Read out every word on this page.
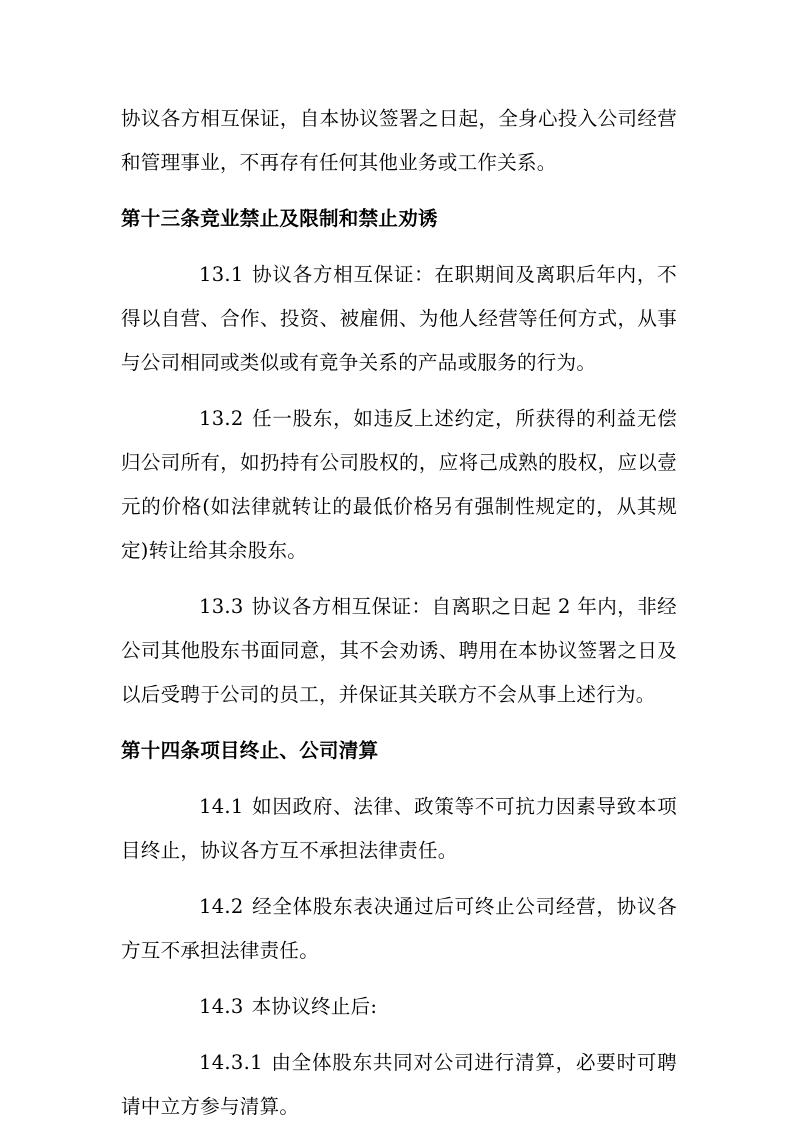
协议各方相互保证，自本协议签署之日起，全身心投入公司经营和管理事业，不再存有任何其他业务或工作关系。

第十三条竞业禁止及限制和禁止劝诱

13.1 协议各方相互保证：在职期间及离职后年内，不得以自营、合作、投资、被雇佣、为他人经营等任何方式，从事与公司相同或类似或有竟争关系的产品或服务的行为。

13.2 任一股东，如违反上述约定，所获得的利益无偿归公司所有，如扔持有公司股权的，应将己成熟的股权，应以壹元的价格(如法律就转让的最低价格另有强制性规定的，从其规定)转让给其余股东。

13.3 协议各方相互保证：自离职之日起 2 年内，非经公司其他股东书面同意，其不会劝诱、聘用在本协议签署之日及以后受聘于公司的员工，并保证其关联方不会从事上述行为。

第十四条项目终止、公司清算

14.1 如因政府、法律、政策等不可抗力因素导致本项目终止，协议各方互不承担法律责任。

14.2 经全体股东表决通过后可终止公司经营，协议各方互不承担法律责任。

14.3 本协议终止后:

14.3.1 由全体股东共同对公司进行清算，必要时可聘请中立方参与清算。
